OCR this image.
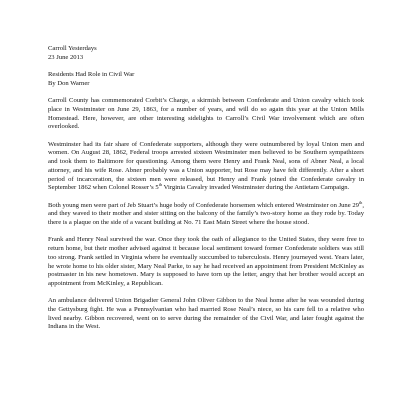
Carroll Yesterdays
23 June 2013
Residents Had Role in Civil War
By Don Warner

Carroll County has commemorated Corbit’s Charge, a skirmish between Confederate and Union cavalry which took place in Westminster on June 29, 1863, for a number of years, and will do so again this year at the Union Mills Homestead. Here, however, are other interesting sidelights to Carroll’s Civil War involvement which are often overlooked.

Westminster had its fair share of Confederate supporters, although they were outnumbered by loyal Union men and women. On August 28, 1862, Federal troops arrested sixteen Westminster men believed to be Southern sympathizers and took them to Baltimore for questioning. Among them were Henry and Frank Neal, sons of Abner Neal, a local attorney, and his wife Rose. Abner probably was a Union supporter, but Rose may have felt differently. After a short period of incarceration, the sixteen men were released, but Henry and Frank joined the Confederate cavalry in September 1862 when Colonel Rosser’s 5th Virginia Cavalry invaded Westminster during the Antietam Campaign.

Both young men were part of Jeb Stuart’s huge body of Confederate horsemen which entered Westminster on June 29th, and they waved to their mother and sister sitting on the balcony of the family’s two-story home as they rode by. Today there is a plaque on the side of a vacant building at No. 71 East Main Street where the house stood.

Frank and Henry Neal survived the war. Once they took the oath of allegiance to the United States, they were free to return home, but their mother advised against it because local sentiment toward former Confederate soldiers was still too strong. Frank settled in Virginia where he eventually succumbed to tuberculosis. Henry journeyed west. Years later, he wrote home to his older sister, Mary Neal Parke, to say he had received an appointment from President McKinley as postmaster in his new hometown. Mary is supposed to have torn up the letter, angry that her brother would accept an appointment from McKinley, a Republican.

An ambulance delivered Union Brigadier General John Oliver Gibbon to the Neal home after he was wounded during the Gettysburg fight. He was a Pennsylvanian who had married Rose Neal’s niece, so his care fell to a relative who lived nearby. Gibbon recovered, went on to serve during the remainder of the Civil War, and later fought against the Indians in the West.
